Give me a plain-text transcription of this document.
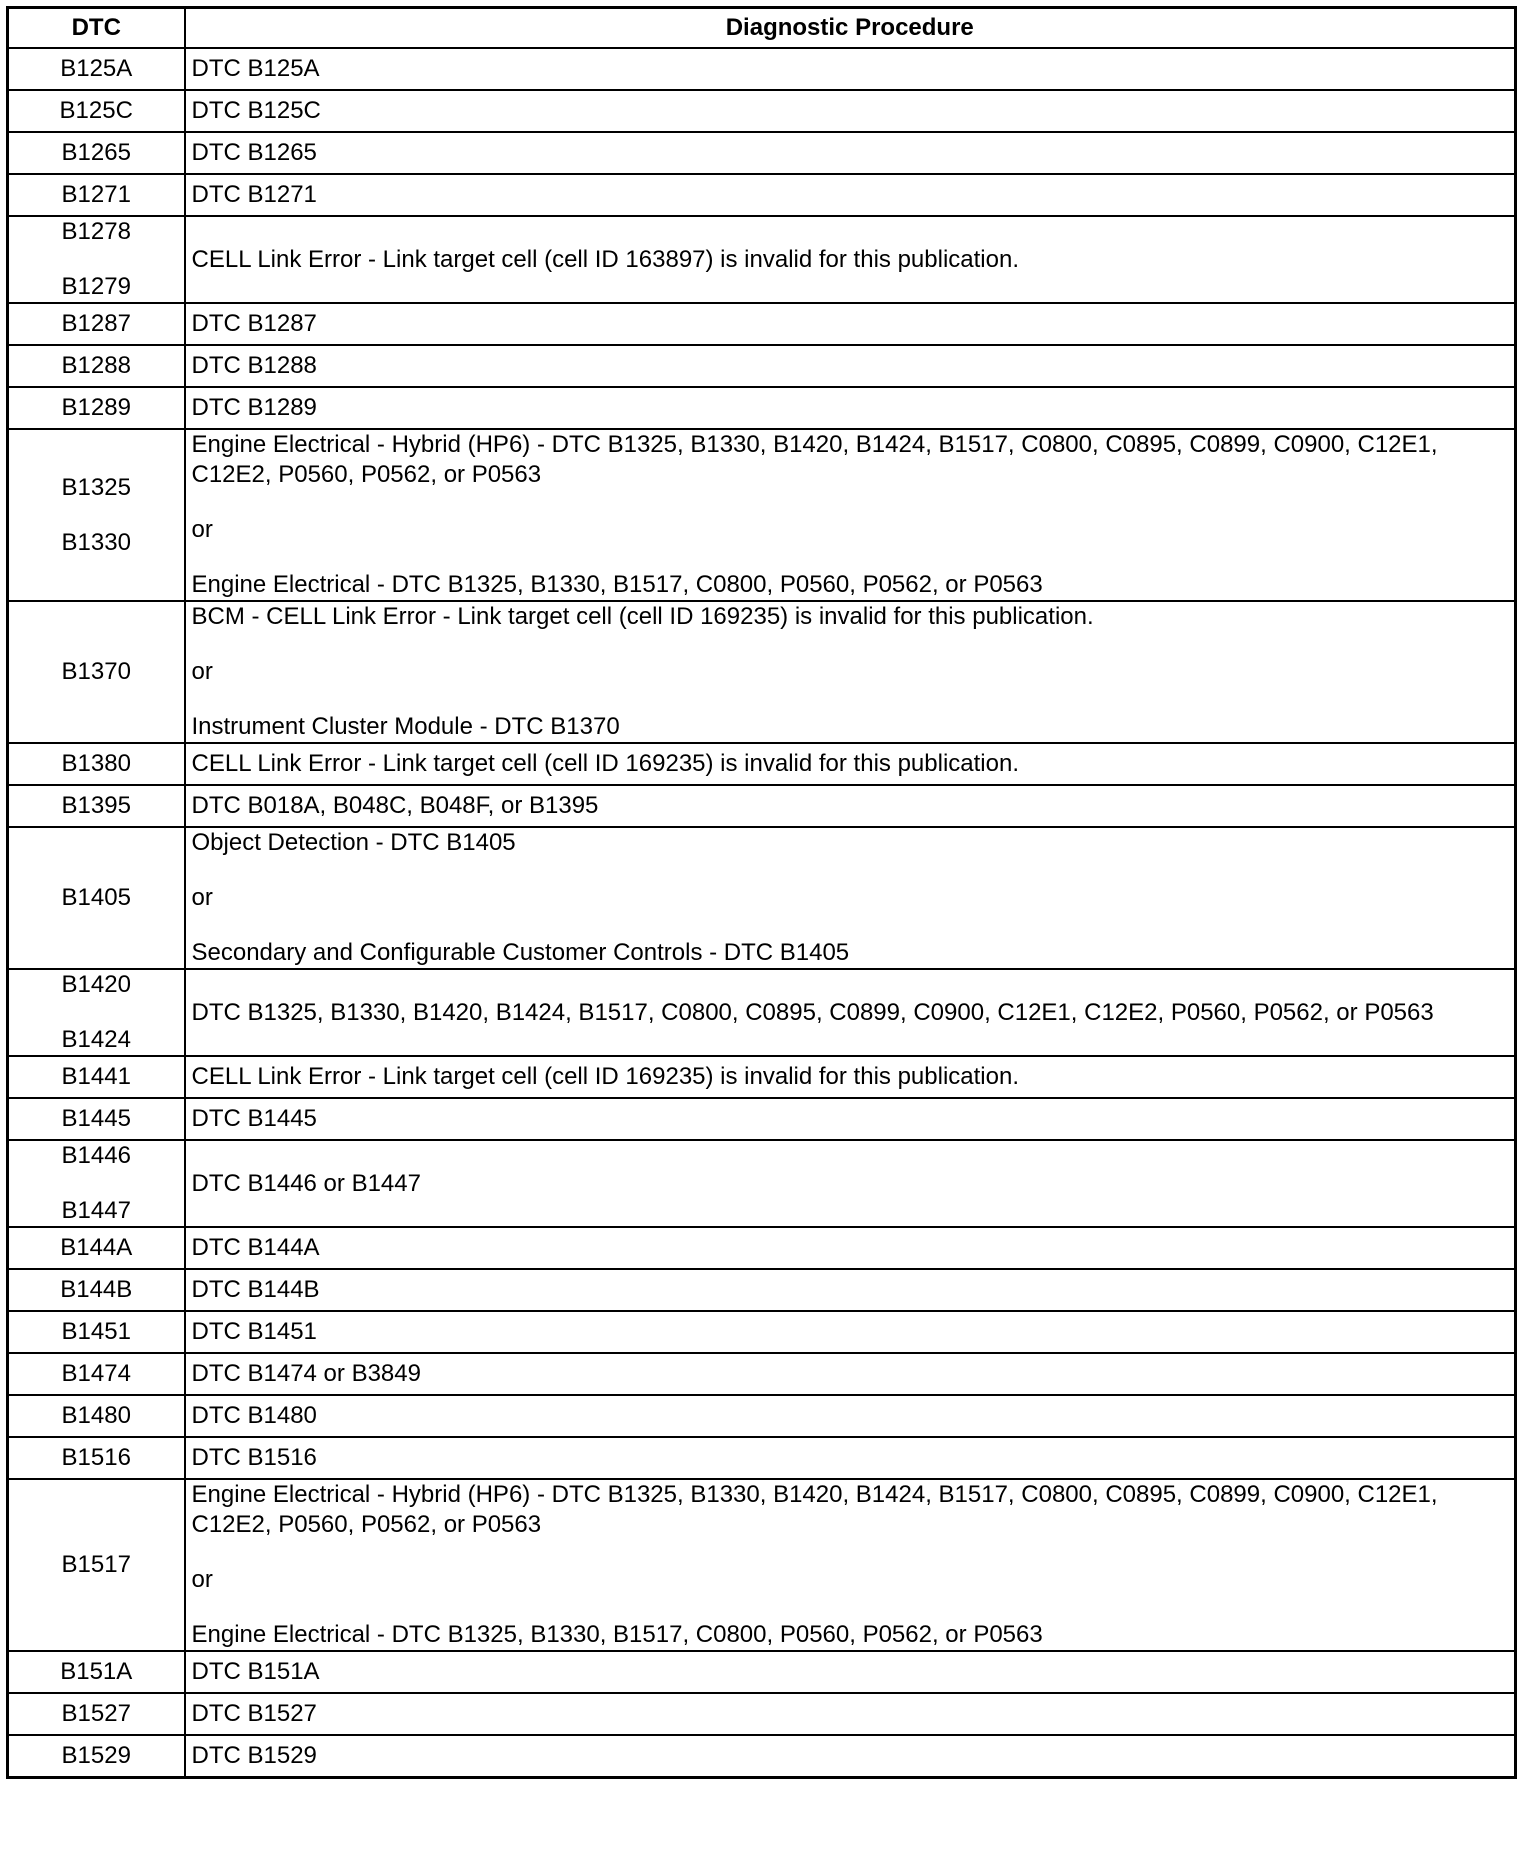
DTC	Diagnostic Procedure

B125A	DTC B125A

B125C	DTC B125C

B1265	DTC B1265

B1271	DTC B1271

B1278
B1279	CELL Link Error - Link target cell (cell ID 163897) is invalid for this publication.

B1287	DTC B1287

B1288	DTC B1288

B1289	DTC B1289

B1325
B1330	Engine Electrical - Hybrid (HP6) - DTC B1325, B1330, B1420, B1424, B1517, C0800, C0895, C0899, C0900, C12E1, C12E2, P0560, P0562, or P0563
or
Engine Electrical - DTC B1325, B1330, B1517, C0800, P0560, P0562, or P0563

B1370	BCM - CELL Link Error - Link target cell (cell ID 169235) is invalid for this publication.
or
Instrument Cluster Module - DTC B1370

B1380	CELL Link Error - Link target cell (cell ID 169235) is invalid for this publication.

B1395	DTC B018A, B048C, B048F, or B1395

B1405	Object Detection - DTC B1405
or
Secondary and Configurable Customer Controls - DTC B1405

B1420
B1424	DTC B1325, B1330, B1420, B1424, B1517, C0800, C0895, C0899, C0900, C12E1, C12E2, P0560, P0562, or P0563

B1441	CELL Link Error - Link target cell (cell ID 169235) is invalid for this publication.

B1445	DTC B1445

B1446
B1447	DTC B1446 or B1447

B144A	DTC B144A

B144B	DTC B144B

B1451	DTC B1451

B1474	DTC B1474 or B3849

B1480	DTC B1480

B1516	DTC B1516

B1517	Engine Electrical - Hybrid (HP6) - DTC B1325, B1330, B1420, B1424, B1517, C0800, C0895, C0899, C0900, C12E1, C12E2, P0560, P0562, or P0563
or
Engine Electrical - DTC B1325, B1330, B1517, C0800, P0560, P0562, or P0563

B151A	DTC B151A

B1527	DTC B1527

B1529	DTC B1529
